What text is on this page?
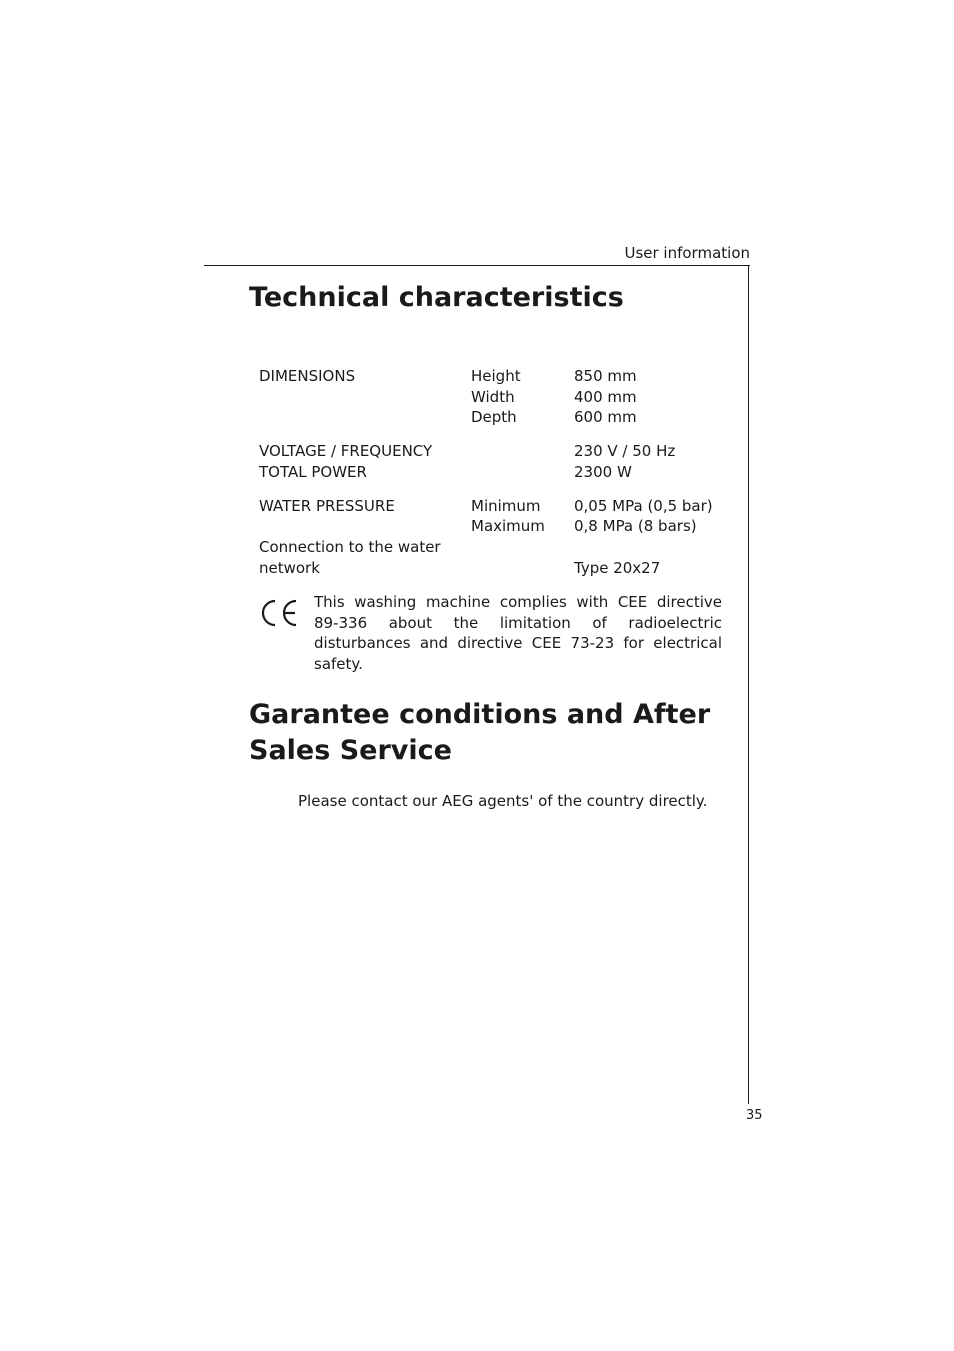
User information
Technical characteristics
DIMENSIONS	Height	850 mm
Width	400 mm
Depth	600 mm
VOLTAGE / FREQUENCY	230 V / 50 Hz
TOTAL POWER	2300 W
WATER PRESSURE	Minimum 0,05 MPa (0,5 bar)
Maximum 0,8 MPa (8 bars)
Connection to the water
network	Type 20x27
This washing machine complies with CEE directive 89-336 about the limitation of radioelectric disturbances and directive CEE 73-23 for electrical safety.
Garantee conditions and After Sales Service
Please contact our AEG agents' of the country directly.
35
